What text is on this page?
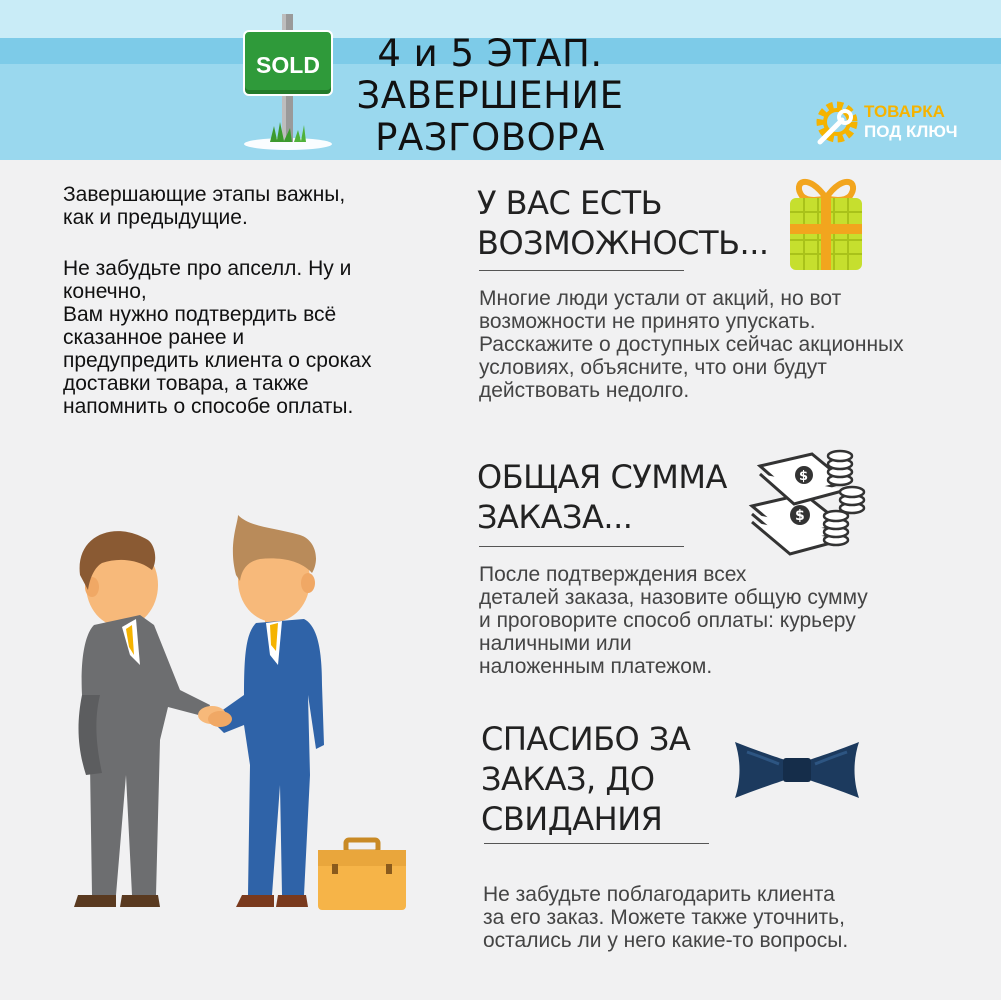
SOLD	4 и 5 ЭТАП.
ЗАВЕРШЕНИЕ
РАЗГОВОРА
ТОВАРКА
ПОД КЛЮЧ

Завершающие этапы важны,

как и предыдущие.

Не забудьте про апселл. Ну и

конечно,

Вам нужно подтвердить всё

сказанное ранее и

предупредить клиента о сроках

доставки товара, а также

напомнить о способе оплаты.

У ВАС ЕСТЬ
ВОЗМОЖНОСТЬ...

Многие люди устали от акций, но вот

возможности не принято упускать.

Расскажите о доступных сейчас акционных

условиях, объясните, что они будут

действовать недолго.

ОБЩАЯ СУММА
ЗАКАЗА...	$
$

После подтверждения всех

деталей заказа, назовите общую сумму

и проговорите способ оплаты: курьеру

наличными или

наложенным платежом.

СПАСИБО ЗА
ЗАКАЗ, ДО
СВИДАНИЯ

Не забудьте поблагодарить клиента

за его заказ. Можете также уточнить,

остались ли у него какие-то вопросы.
